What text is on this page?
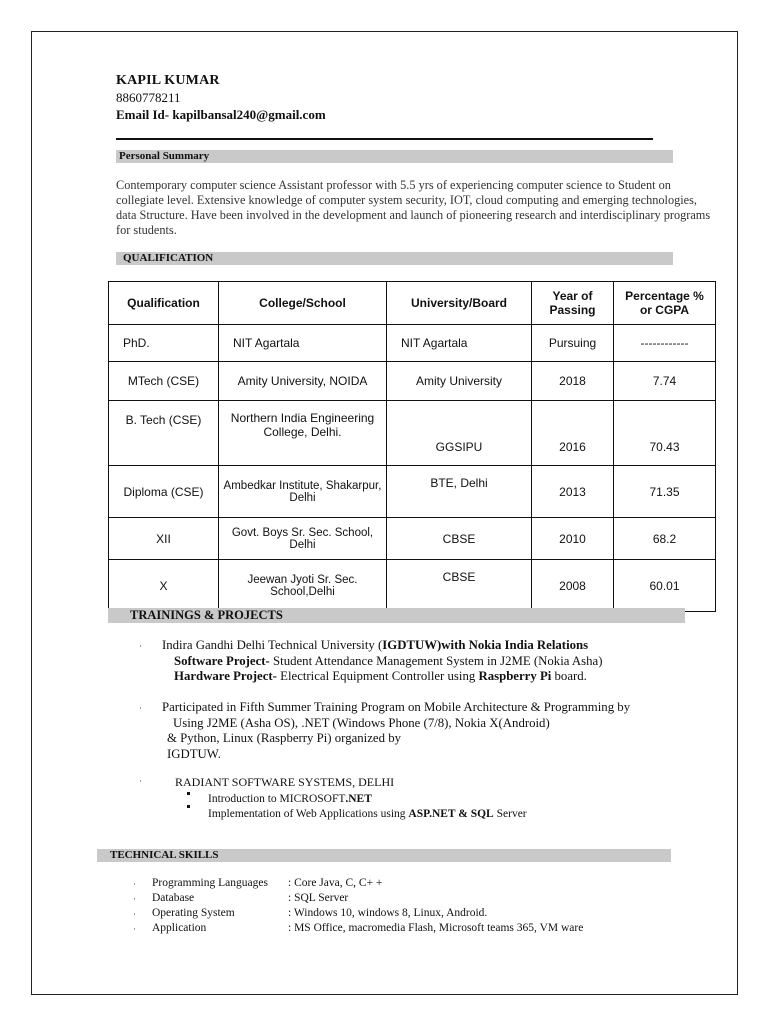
KAPIL KUMAR
8860778211
Email Id- kapilbansal240@gmail.com
Personal Summary
Contemporary computer science Assistant professor with 5.5 yrs of experiencing computer science to Student on collegiate level. Extensive knowledge of computer system security, IOT, cloud computing and emerging technologies, data Structure. Have been involved in the development and launch of pioneering research and interdisciplinary programs for students.
QUALIFICATION
Qualification	College/School	University/Board	Year of Passing	Percentage % or CGPA
PhD.	NIT Agartala	NIT Agartala	Pursuing	------------
MTech (CSE)	Amity University, NOIDA	Amity University	2018	7.74
B. Tech (CSE)	Northern India Engineering College, Delhi.	GGSIPU	2016	70.43
Diploma (CSE)	Ambedkar Institute, Shakarpur, Delhi	BTE, Delhi	2013	71.35
XII	Govt. Boys Sr. Sec. School, Delhi	CBSE	2010	68.2
X	Jeewan Jyoti Sr. Sec. School,Delhi	CBSE	2008	60.01
TRAININGS & PROJECTS
· Indira Gandhi Delhi Technical University (IGDTUW)with Nokia India Relations
Software Project- Student Attendance Management System in J2ME (Nokia Asha)
Hardware Project- Electrical Equipment Controller using Raspberry Pi board.
· Participated in Fifth Summer Training Program on Mobile Architecture & Programming by
Using J2ME (Asha OS), .NET (Windows Phone (7/8), Nokia X(Android)
& Python, Linux (Raspberry Pi) organized by
IGDTUW.
·	RADIANT SOFTWARE SYSTEMS, DELHI
Introduction to MICROSOFT.NET
Implementation of Web Applications using ASP.NET & SQL Server
TECHNICAL SKILLS
·
·
·
·
Programming Languages	: Core Java, C, C+ +
Database	: SQL Server
Operating System	: Windows 10, windows 8, Linux, Android.
Application	: MS Office, macromedia Flash, Microsoft teams 365, VM ware
